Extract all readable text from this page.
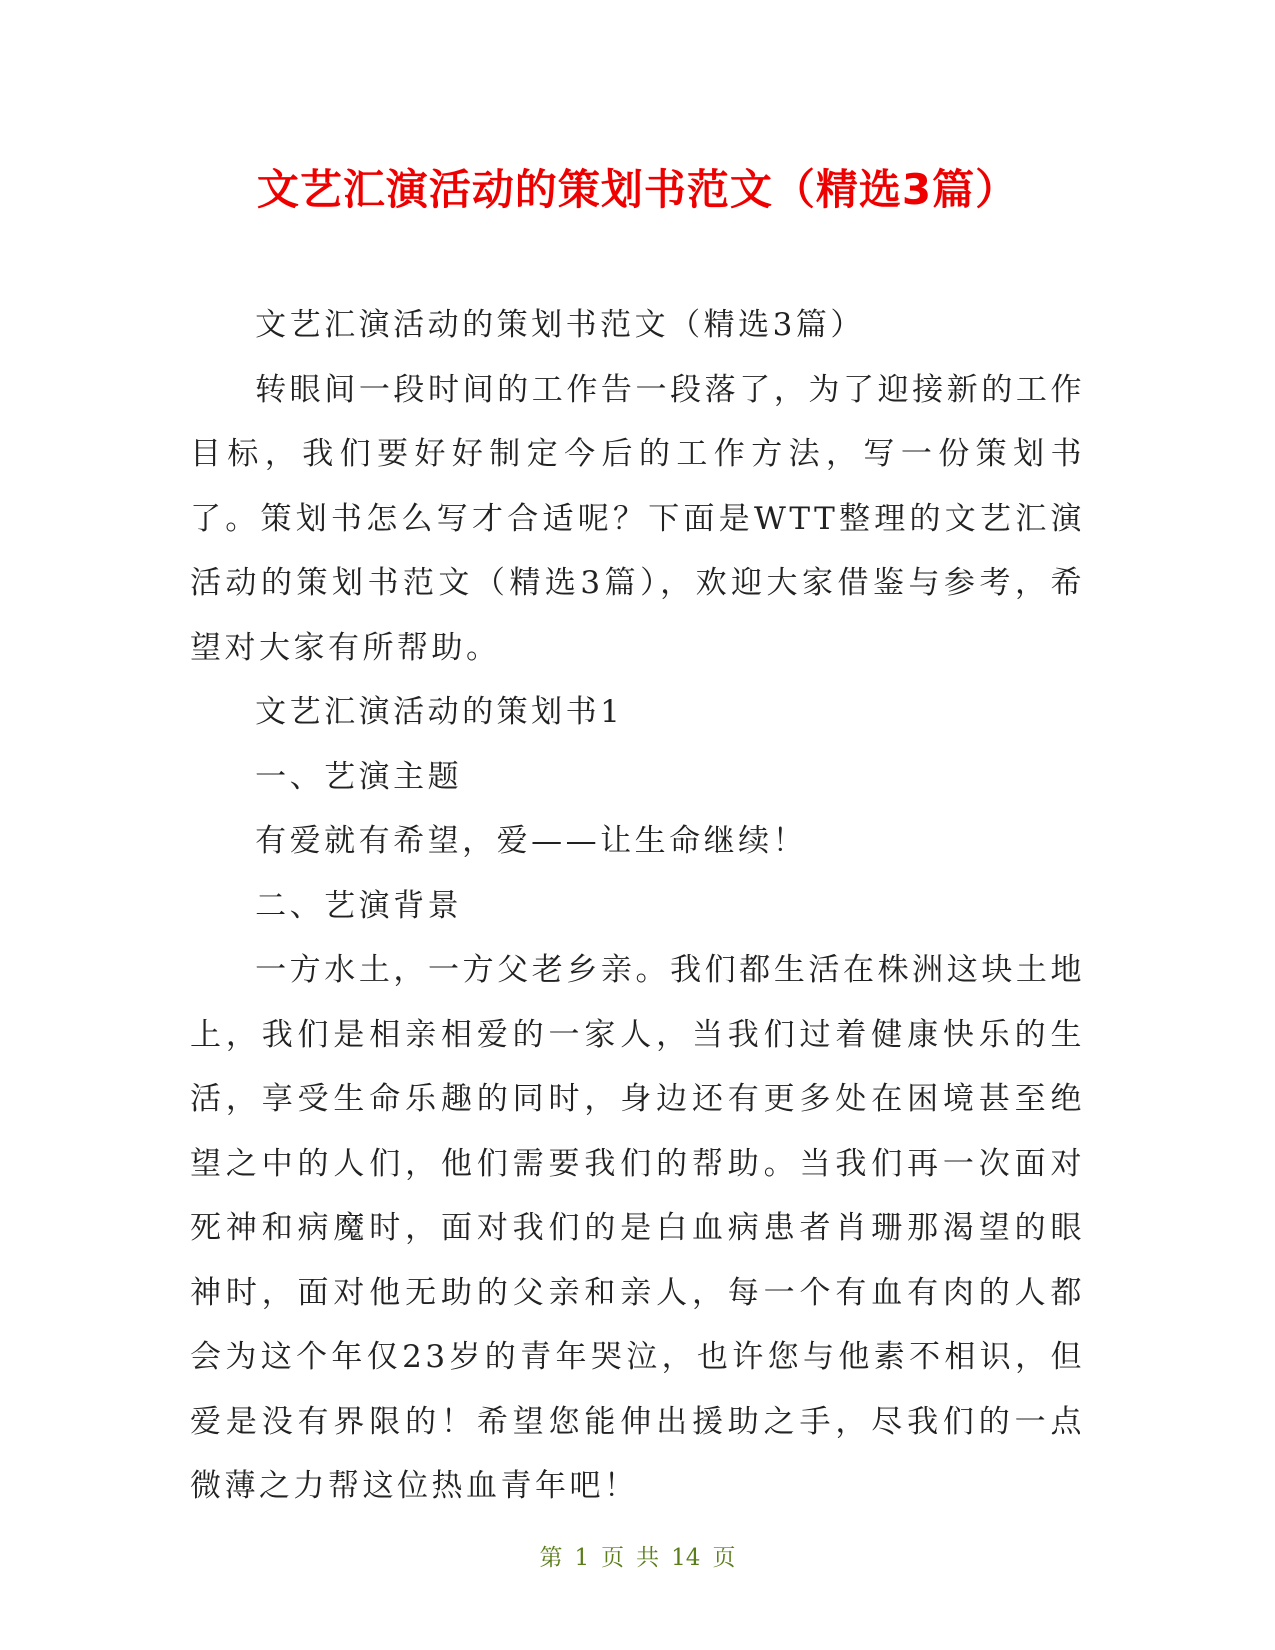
文艺汇演活动的策划书范文（精选3篇）

文艺汇演活动的策划书范文（精选3篇）

转眼间一段时间的工作告一段落了，为了迎接新的工作目标，我们要好好制定今后的工作方法，写一份策划书了。策划书怎么写才合适呢？下面是WTT整理的文艺汇演活动的策划书范文（精选3篇），欢迎大家借鉴与参考，希望对大家有所帮助。

文艺汇演活动的策划书1

一、艺演主题

有爱就有希望，爱——让生命继续！

二、艺演背景

一方水土，一方父老乡亲。我们都生活在株洲这块土地上，我们是相亲相爱的一家人，当我们过着健康快乐的生活，享受生命乐趣的同时，身边还有更多处在困境甚至绝望之中的人们，他们需要我们的帮助。当我们再一次面对死神和病魔时，面对我们的是白血病患者肖珊那渴望的眼神时，面对他无助的父亲和亲人，每一个有血有肉的人都会为这个年仅23岁的青年哭泣，也许您与他素不相识，但爱是没有界限的！希望您能伸出援助之手，尽我们的一点微薄之力帮这位热血青年吧！

第 1 页 共 14 页
